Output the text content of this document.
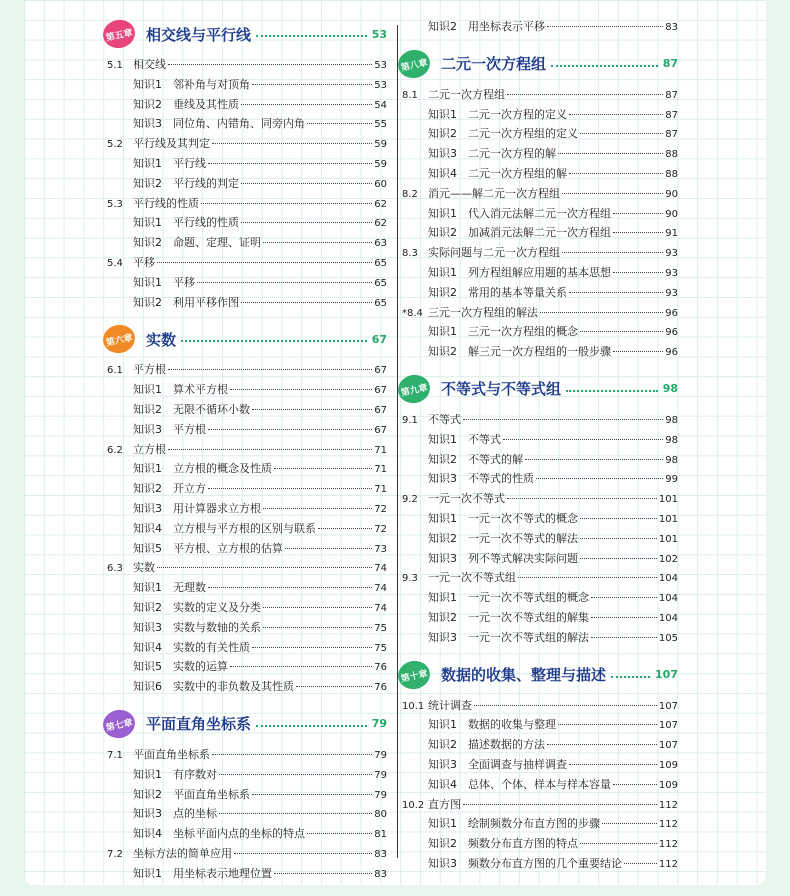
第五章 相交线与平行线	53
5.1 相交线	53
知识 1	邻补角与对顶角	53
知识 2	垂线及其性质	54
知识 3	同位角、内错角、同旁内角	55
5.2 平行线及其判定	59
知识 1	平行线	59
知识 2	平行线的判定	60
5.3 平行线的性质	62
知识 1	平行线的性质	62
知识 2	命题、定理、证明	63
5.4 平移	65
知识 1	平移	65
知识 2	利用平移作图	65
第六章 实数	67
6.1 平方根	67
知识 1	算术平方根	67
知识 2	无限不循环小数	67
知识 3	平方根	67
6.2 立方根	71
知识 1	立方根的概念及性质	71
知识 2	开立方	71
知识 3	用计算器求立方根	72
知识 4	立方根与平方根的区别与联系	72
知识 5	平方根、立方根的估算	73
6.3 实数	74
知识 1	无理数	74
知识 2	实数的定义及分类	74
知识 3	实数与数轴的关系	75
知识 4	实数的有关性质	75
知识 5	实数的运算	76
知识 6	实数中的非负数及其性质	76
第七章 平面直角坐标系	79
7.1 平面直角坐标系	79
知识 1	有序数对	79
知识 2	平面直角坐标系	79
知识 3	点的坐标	80
知识 4	坐标平面内点的坐标的特点	81
7.2 坐标方法的简单应用	83
知识 1	用坐标表示地理位置	83
知识 2	用坐标表示平移	83
第八章 二元一次方程组	87
8.1 二元一次方程组	87
知识 1	二元一次方程的定义	87
知识 2	二元一次方程组的定义	87
知识 3	二元一次方程的解	88
知识 4	二元一次方程组的解	88
8.2 消元——解二元一次方程组	90
知识 1	代入消元法解二元一次方程组	90
知识 2	加减消元法解二元一次方程组	91
8.3 实际问题与二元一次方程组	93
知识 1	列方程组解应用题的基本思想	93
知识 2	常用的基本等量关系	93
*8.4 三元一次方程组的解法	96
知识 1	三元一次方程组的概念	96
知识 2	解三元一次方程组的一般步骤	96
第九章 不等式与不等式组	98
9.1 不等式	98
知识 1	不等式	98
知识 2	不等式的解	98
知识 3	不等式的性质	99
9.2 一元一次不等式	101
知识 1	一元一次不等式的概念	101
知识 2	一元一次不等式的解法	101
知识 3	列不等式解决实际问题	102
9.3 一元一次不等式组	104
知识 1	一元一次不等式组的概念	104
知识 2	一元一次不等式组的解集	104
知识 3	一元一次不等式组的解法	105
第十章 数据的收集、整理与描述	107
10.1 统计调查	107
知识 1	数据的收集与整理	107
知识 2	描述数据的方法	107
知识 3	全面调查与抽样调查	109
知识 4	总体、个体、样本与样本容量	109
10.2 直方图	112
知识 1	绘制频数分布直方图的步骤	112
知识 2	频数分布直方图的特点	112
知识 3	频数分布直方图的几个重要结论	112
